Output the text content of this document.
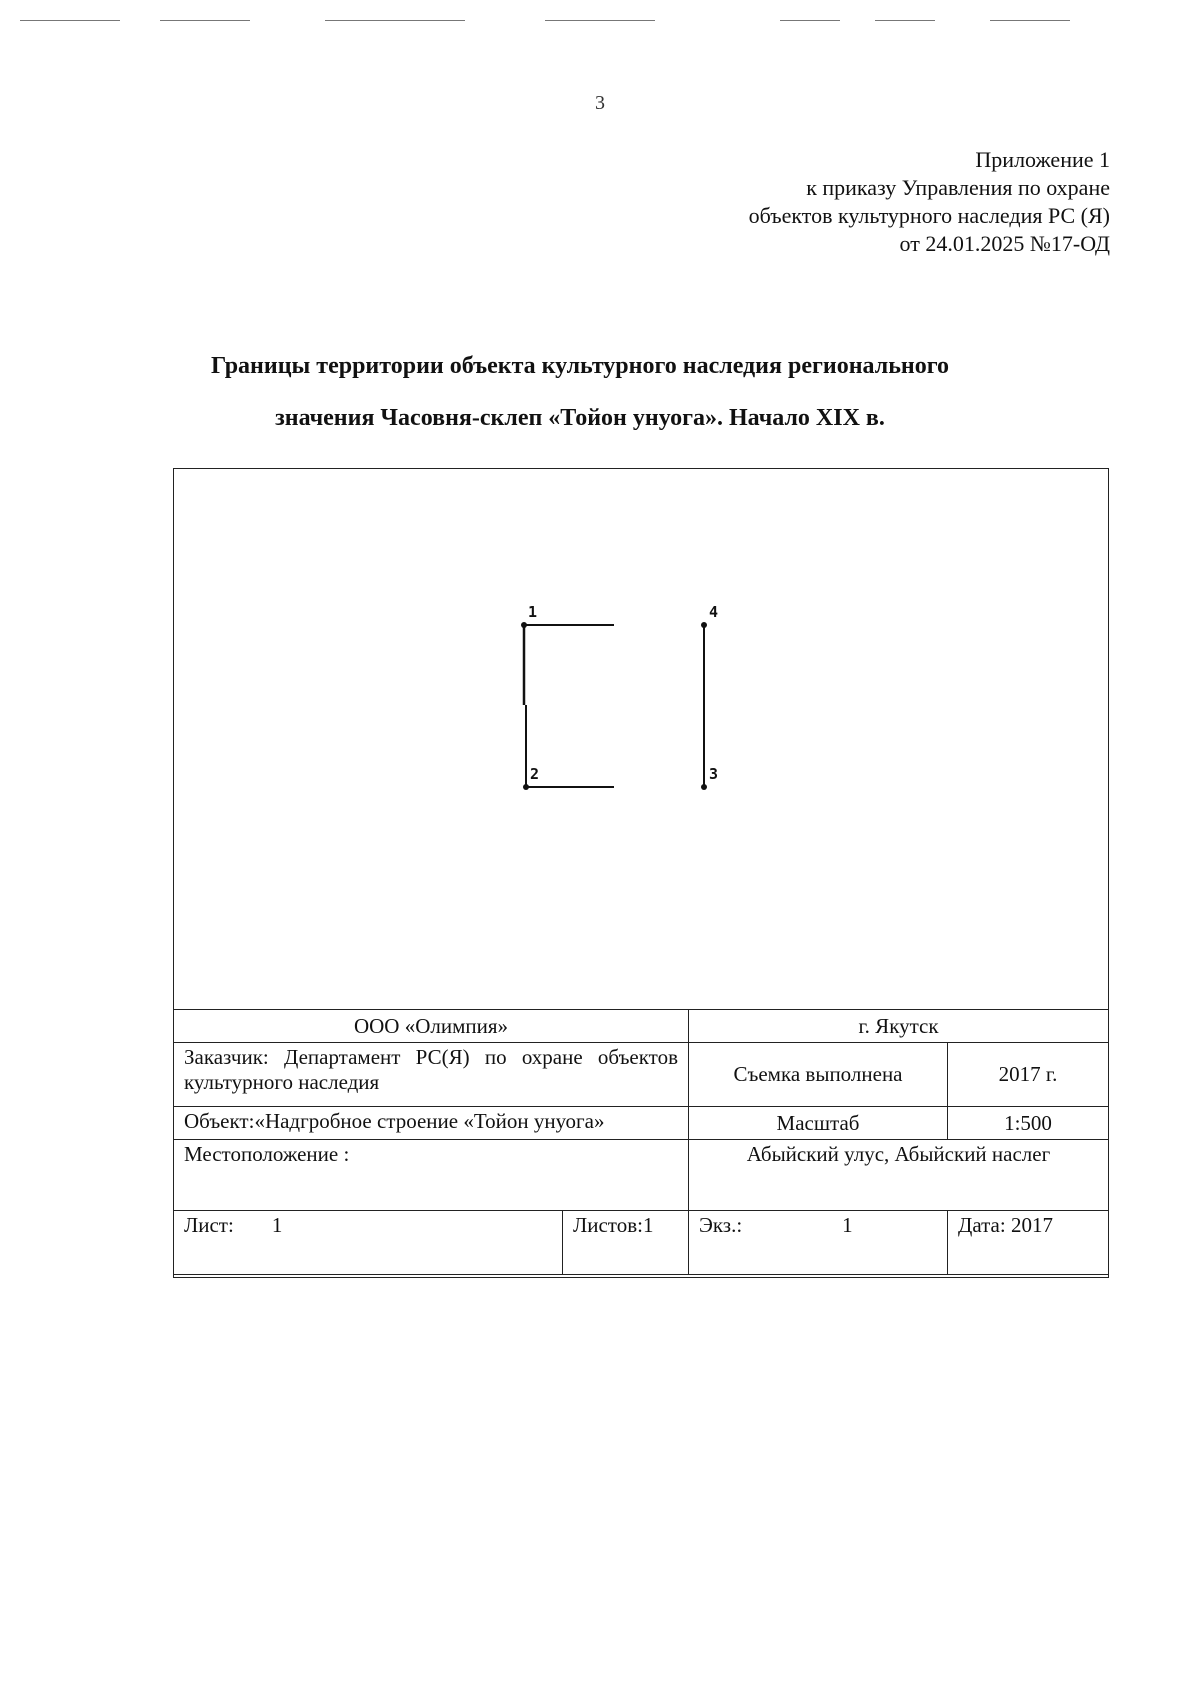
3
Приложение 1
к приказу Управления по охране
объектов культурного наследия РС (Я)
от 24.01.2025 №17-ОД
Границы территории объекта культурного наследия регионального
значения Часовня-склеп «Тойон унуога». Начало XIX в.
1
2	3
4
ООО «Олимпия»		г. Якутск	
Заказчик: Департамент РС(Я) по охране объектов культурного наследия		Съемка выполнена	2017 г.
Объект:«Надгробное строение «Тойон унуога»		Масштаб	1:500
Местоположение :		Абыйский улус, Абыйский наслег	
Лист: 1	Листов:1	Экз.: 1	Дата: 2017
